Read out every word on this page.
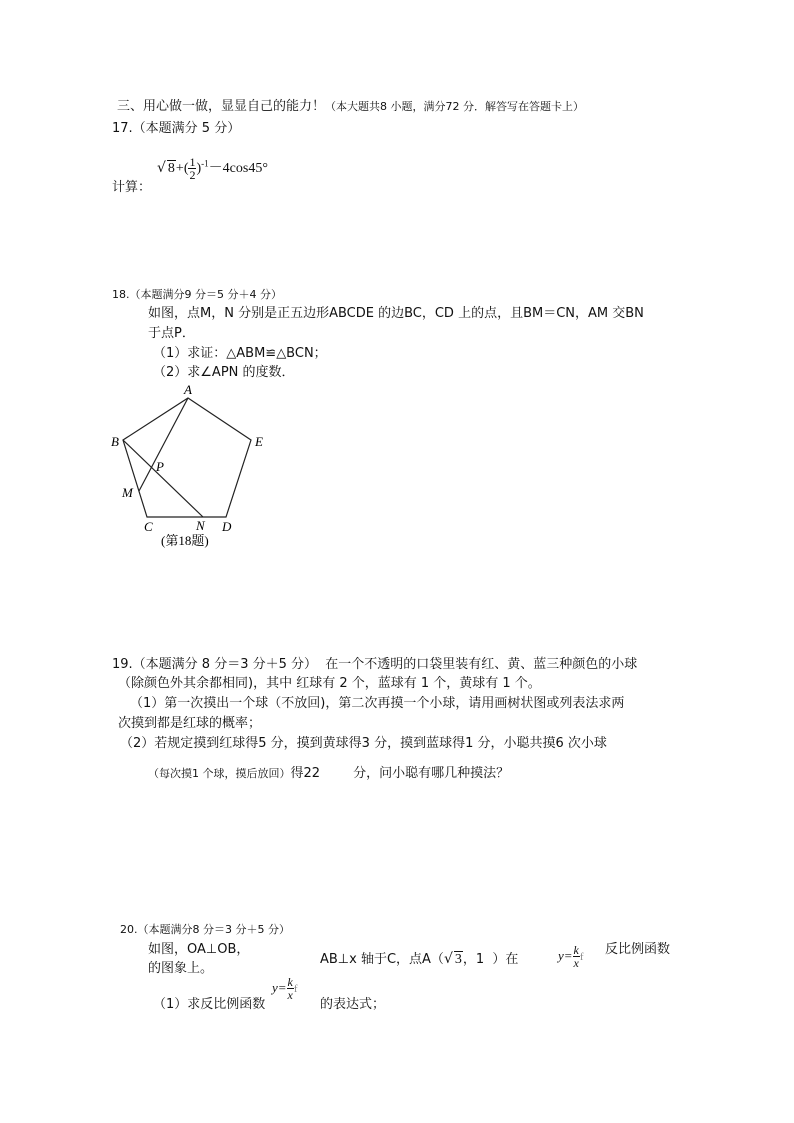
三、用心做一做，显显自己的能力！（本大题共8 小题，满分72 分．解答写在答题卡上）
17.（本题满分 5 分）
√ $8+( \frac{1}{2} )^{-1}-4\cos 45^\circ$
计算：
18.（本题满分9 分＝5 分＋4 分）
如图，点M，N 分别是正五边形ABCDE 的边BC，CD 上的点，且BM＝CN，AM 交BN
于点P．
（1）求证：△ABM≌△BCN；
（2）求∠APN 的度数．
A
B
C	D
E
M
N
P
(第18题)
19.（本题满分 8 分＝3 分＋5 分） 在一个不透明的口袋里装有红、黄、蓝三种颜色的小球
（除颜色外其余都相同)，其中 红球有 2 个，蓝球有 1 个，黄球有 1 个。
（1）第一次摸出一个球（不放回)，第二次再摸一个小球，请用画树状图或列表法求两
次摸到都是红球的概率；
（2）若规定摸到红球得5 分，摸到黄球得3 分，摸到蓝球得1 分，小聪共摸6 次小球
（每次摸1 个球，摸后放回）得22        分，问小聪有哪几种摸法？
20.（本题满分8 分＝3 分＋5 分）
如图，OA⊥OB，
AB⊥x 轴于C，点A（√ 3，1  ）在	$y= \frac{k}{x}$ f 反比例函数
的图象上。
（1）求反比例函数
$y= \frac{k}{x}$ f
的表达式；
